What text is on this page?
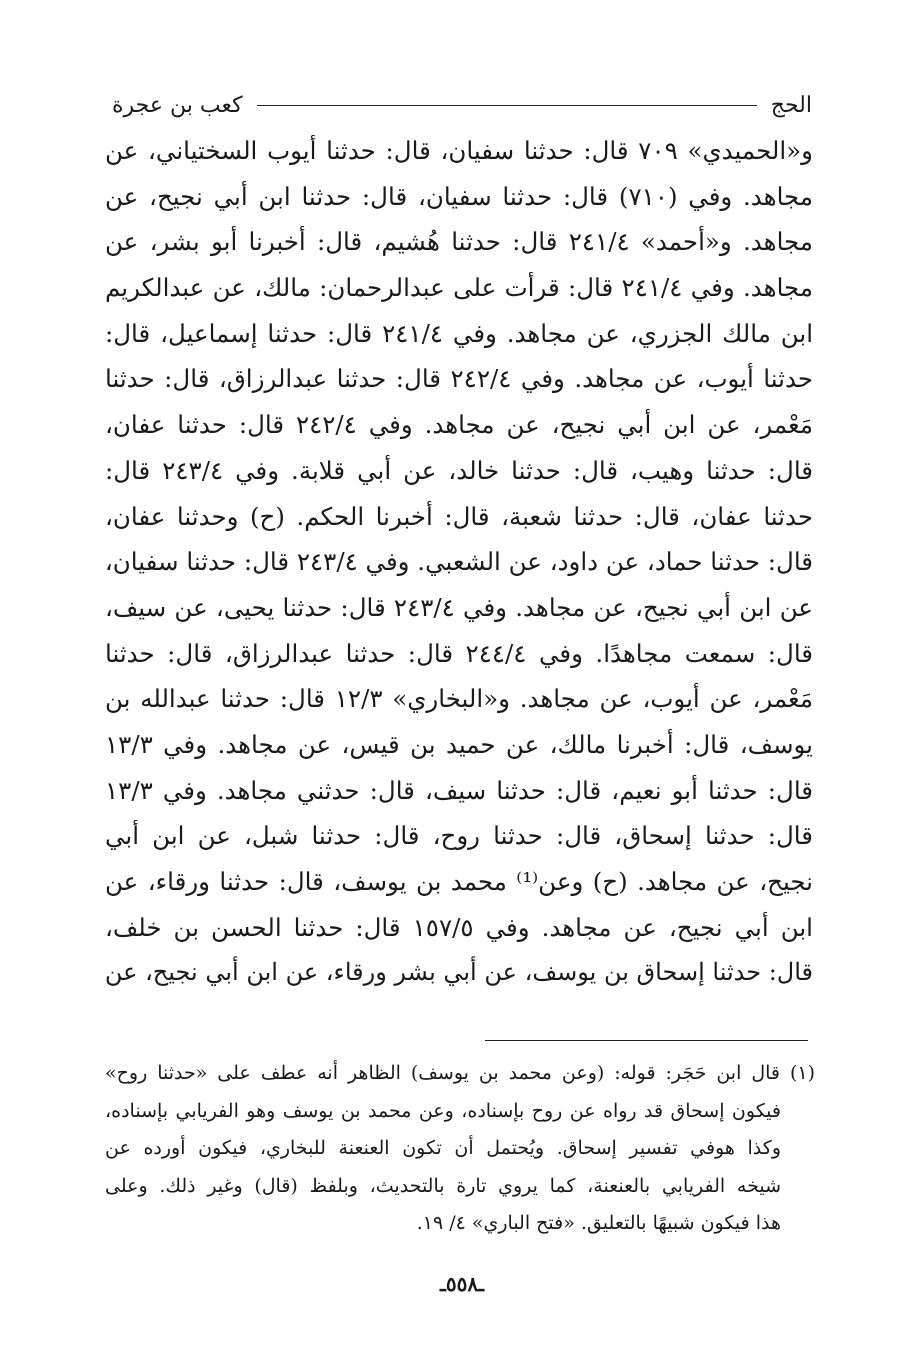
الحج
كعب بن عجرة
و«الحميدي» ٧٠٩ قال: حدثنا سفيان، قال: حدثنا أيوب السختياني، عن
مجاهد. وفي (٧١٠) قال: حدثنا سفيان، قال: حدثنا ابن أبي نجيح، عن
مجاهد. و«أحمد» ٢٤١/٤ قال: حدثنا هُشيم، قال: أخبرنا أبو بشر، عن
مجاهد. وفي ٢٤١/٤ قال: قرأت على عبدالرحمان: مالك، عن عبدالكريم
ابن مالك الجزري، عن مجاهد. وفي ٢٤١/٤ قال: حدثنا إسماعيل، قال:
حدثنا أيوب، عن مجاهد. وفي ٢٤٢/٤ قال: حدثنا عبدالرزاق، قال: حدثنا
مَعْمر، عن ابن أبي نجيح، عن مجاهد. وفي ٢٤٢/٤ قال: حدثنا عفان،
قال: حدثنا وهيب، قال: حدثنا خالد، عن أبي قلابة. وفي ٢٤٣/٤ قال:
حدثنا عفان، قال: حدثنا شعبة، قال: أخبرنا الحكم. (ح) وحدثنا عفان،
قال: حدثنا حماد، عن داود، عن الشعبي. وفي ٢٤٣/٤ قال: حدثنا سفيان،
عن ابن أبي نجيح، عن مجاهد. وفي ٢٤٣/٤ قال: حدثنا يحيى، عن سيف،
قال: سمعت مجاهدًا. وفي ٢٤٤/٤ قال: حدثنا عبدالرزاق، قال: حدثنا
مَعْمر، عن أيوب، عن مجاهد. و«البخاري» ١٢/٣ قال: حدثنا عبدالله بن
يوسف، قال: أخبرنا مالك، عن حميد بن قيس، عن مجاهد. وفي ١٣/٣
قال: حدثنا أبو نعيم، قال: حدثنا سيف، قال: حدثني مجاهد. وفي ١٣/٣
قال: حدثنا إسحاق، قال: حدثنا روح، قال: حدثنا شبل، عن ابن أبي
نجيح، عن مجاهد. (ح) وعن⁽¹⁾ محمد بن يوسف، قال: حدثنا ورقاء، عن
ابن أبي نجيح، عن مجاهد. وفي ١٥٧/٥ قال: حدثنا الحسن بن خلف،
قال: حدثنا إسحاق بن يوسف، عن أبي بشر ورقاء، عن ابن أبي نجيح، عن
(١) قال ابن حَجَر: قوله: (وعن محمد بن يوسف) الظاهر أنه عطف على «حدثنا روح»
فيكون إسحاق قد رواه عن روح بإسناده، وعن محمد بن يوسف وهو الفريابي بإسناده،
وكذا هوفي تفسير إسحاق. ويُحتمل أن تكون العنعنة للبخاري، فيكون أورده عن
شيخه الفريابي بالعنعنة، كما يروي تارة بالتحديث، وبلفظ (قال) وغير ذلك. وعلى
هذا فيكون شبيهًا بالتعليق. «فتح الباري» ٤/ ١٩.
ـ٥٥٨ـ
